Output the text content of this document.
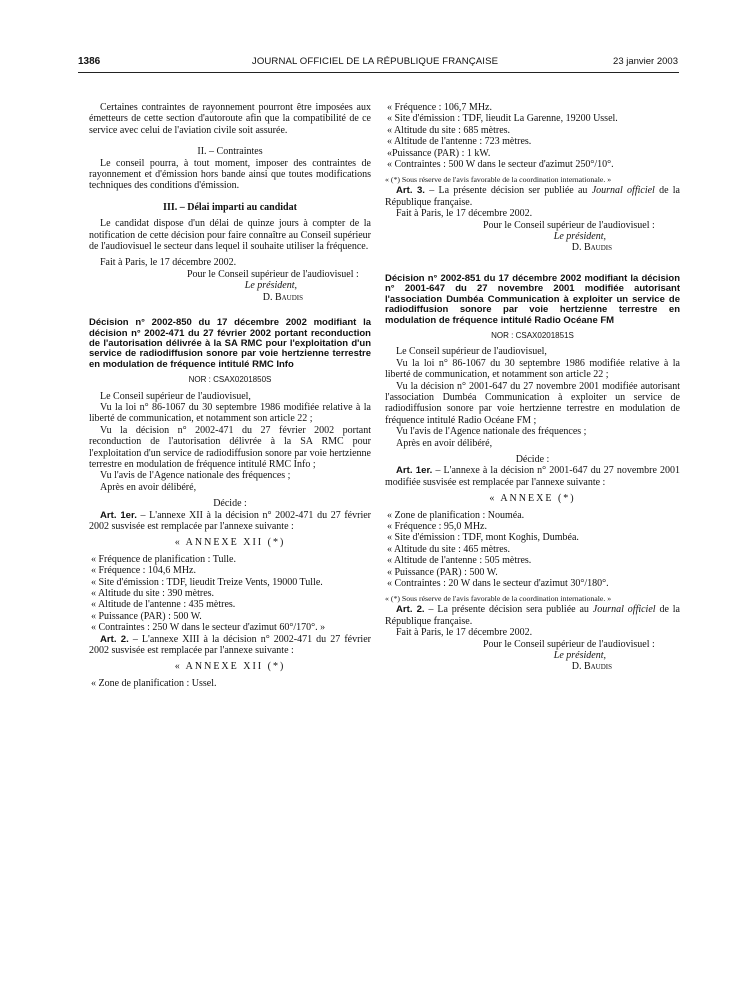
1386	JOURNAL OFFICIEL DE LA RÉPUBLIQUE FRANÇAISE	23 janvier 2003

Certaines contraintes de rayonnement pourront être imposées aux émetteurs de cette section d'autoroute afin que la compatibilité de ce service avec celui de l'aviation civile soit assurée.

II. – Contraintes

Le conseil pourra, à tout moment, imposer des contraintes de rayonnement et d'émission hors bande ainsi que toutes modifications techniques des conditions d'émission.

III. – Délai imparti au candidat

Le candidat dispose d'un délai de quinze jours à compter de la notification de cette décision pour faire connaître au Conseil supérieur de l'audiovisuel le secteur dans lequel il souhaite utiliser la fréquence.

Fait à Paris, le 17 décembre 2002.

Pour le Conseil supérieur de l'audiovisuel :

Le président,

D. Baudis

Décision n° 2002-850 du 17 décembre 2002 modifiant la décision n° 2002-471 du 27 février 2002 portant reconduction de l'autorisation délivrée à la SA RMC pour l'exploitation d'un service de radiodiffusion sonore par voie hertzienne terrestre en modulation de fréquence intitulé RMC Info

NOR : CSAX0201850S

Le Conseil supérieur de l'audiovisuel,

Vu la loi n° 86-1067 du 30 septembre 1986 modifiée relative à la liberté de communication, et notamment son article 22 ;

Vu la décision n° 2002-471 du 27 février 2002 portant reconduction de l'autorisation délivrée à la SA RMC pour l'exploitation d'un service de radiodiffusion sonore par voie hertzienne terrestre en modulation de fréquence intitulé RMC Info ;

Vu l'avis de l'Agence nationale des fréquences ;

Après en avoir délibéré,

Décide :

Art. 1er. – L'annexe XII à la décision n° 2002-471 du 27 février 2002 susvisée est remplacée par l'annexe suivante :

« ANNEXE XII (*)

« Fréquence de planification : Tulle.

« Fréquence : 104,6 MHz.

« Site d'émission : TDF, lieudit Treize Vents, 19000 Tulle.

« Altitude du site : 390 mètres.

« Altitude de l'antenne : 435 mètres.

« Puissance (PAR) : 500 W.

« Contraintes : 250 W dans le secteur d'azimut 60°/170°. »

Art. 2. – L'annexe XIII à la décision n° 2002-471 du 27 février 2002 susvisée est remplacée par l'annexe suivante :

« ANNEXE XII (*)

« Zone de planification : Ussel.

« Fréquence : 106,7 MHz.

« Site d'émission : TDF, lieudit La Garenne, 19200 Ussel.

« Altitude du site : 685 mètres.

« Altitude de l'antenne : 723 mètres.

«Puissance (PAR) : 1 kW.

« Contraintes : 500 W dans le secteur d'azimut 250°/10°.

« (*) Sous réserve de l'avis favorable de la coordination internationale. »

Art. 3. – La présente décision ser publiée au Journal officiel de la République française.

Fait à Paris, le 17 décembre 2002.

Pour le Conseil supérieur de l'audiovisuel :

Le président,

D. Baudis

Décision n° 2002-851 du 17 décembre 2002 modifiant la décision n° 2001-647 du 27 novembre 2001 modifiée autorisant l'association Dumbéa Communication à exploiter un service de radiodiffusion sonore par voie hertzienne terrestre en modulation de fréquence intitulé Radio Océane FM

NOR : CSAX0201851S

Le Conseil supérieur de l'audiovisuel,

Vu la loi n° 86-1067 du 30 septembre 1986 modifiée relative à la liberté de communication, et notamment son article 22 ;

Vu la décision n° 2001-647 du 27 novembre 2001 modifiée autorisant l'association Dumbéa Communication à exploiter un service de radiodiffusion sonore par voie hertzienne terrestre en modulation de fréquence intitulé Radio Océane FM ;

Vu l'avis de l'Agence nationale des fréquences ;

Après en avoir délibéré,

Décide :

Art. 1er. – L'annexe à la décision n° 2001-647 du 27 novembre 2001 modifiée susvisée est remplacée par l'annexe suivante :

« ANNEXE (*)

« Zone de planification : Nouméa.

« Fréquence : 95,0 MHz.

« Site d'émission : TDF, mont Koghis, Dumbéa.

« Altitude du site : 465 mètres.

« Altitude de l'antenne : 505 mètres.

« Puissance (PAR) : 500 W.

« Contraintes : 20 W dans le secteur d'azimut 30°/180°.

« (*) Sous réserve de l'avis favorable de la coordination internationale. »

Art. 2. – La présente décision sera publiée au Journal officiel de la République française.

Fait à Paris, le 17 décembre 2002.

Pour le Conseil supérieur de l'audiovisuel :

Le président,

D. Baudis
